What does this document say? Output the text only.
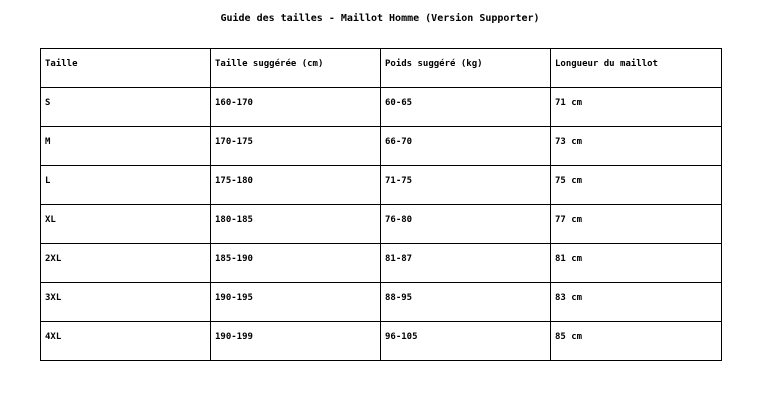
Guide des tailles - Maillot Homme (Version Supporter)
Taille	Taille suggérée (cm)	Poids suggéré (kg)	Longueur du maillot

S	160-170	60-65	71 cm

M	170-175	66-70	73 cm

L	175-180	71-75	75 cm

XL	180-185	76-80	77 cm

2XL	185-190	81-87	81 cm

3XL	190-195	88-95	83 cm

4XL	190-199	96-105	85 cm
